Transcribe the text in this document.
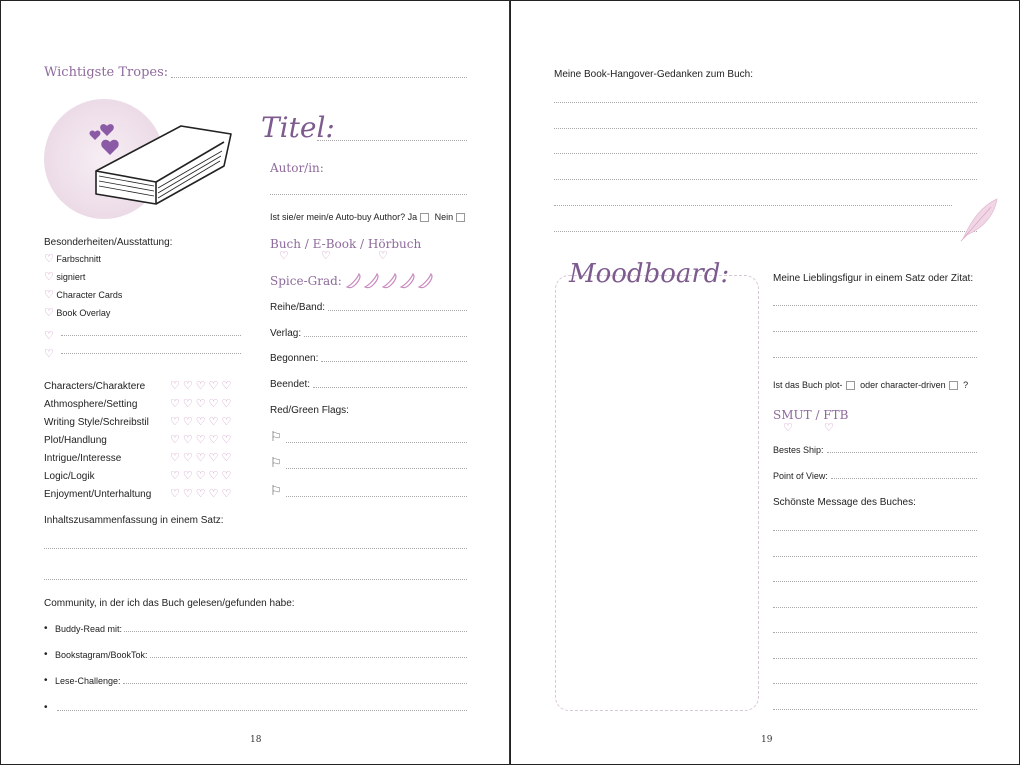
Wichtigste Tropes:
Titel:
Autor/in:
Ist sie/er mein/e Auto-buy Author? Ja Nein
Buch / E-Book / Hörbuch
♡	♡	♡
Spice-Grad:
Reihe/Band:
Verlag:
Begonnen:
Beendet:
Red/Green Flags:
⚐
⚐
⚐
Besonderheiten/Ausstattung:
♡ Farbschnitt
♡ signiert
♡ Character Cards
♡ Book Overlay
♡
♡
Inhaltszusammenfassung in einem Satz:
Community, in der ich das Buch gelesen/gefunden habe:
• Buddy-Read mit:
• Bookstagram/BookTok:
• Lese-Challenge:
•
18
Characters/Charaktere ♡ ♡ ♡ ♡ ♡
Athmosphere/Setting	♡ ♡ ♡ ♡ ♡
Writing Style/Schreibstil ♡ ♡ ♡ ♡ ♡
Plot/Handlung	♡ ♡ ♡ ♡ ♡
Intrigue/Interesse	♡ ♡ ♡ ♡ ♡
Logic/Logik	♡ ♡ ♡ ♡ ♡
Enjoyment/Unterhaltung ♡ ♡ ♡ ♡ ♡
Meine Book-Hangover-Gedanken zum Buch:
Moodboard:	Meine Lieblingsfigur in einem Satz oder Zitat:
Ist das Buch plot- oder character-driven ?
SMUT / FTB
♡	♡
Bestes Ship:
Point of View:
Schönste Message des Buches:
19
